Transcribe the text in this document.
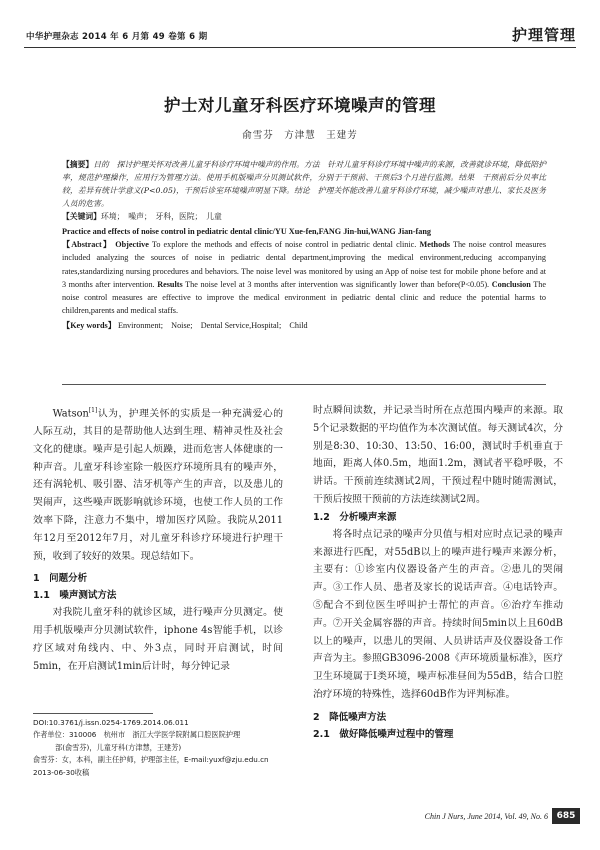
中华护理杂志 2014 年 6 月第 49 卷第 6 期	护理管理
护士对儿童牙科医疗环境噪声的管理
俞雪芬　方津慧　王建芳

【摘要】目的　探讨护理关怀对改善儿童牙科诊疗环境中噪声的作用。方法　针对儿童牙科诊疗环境中噪声的来源，改善就诊环境，降低陪护率，规范护理操作，应用行为管理方法。使用手机版噪声分贝测试软件，分别于干预前、干预后3个月进行监测。结果　干预前后分贝率比较，差异有统计学意义(P<0.05)，干预后诊室环境噪声明显下降。结论　护理关怀能改善儿童牙科诊疗环境，减少噪声对患儿、家长及医务人员的危害。

【关键词】环境；　噪声；　牙科，医院；　儿童

Practice and effects of noise control in pediatric dental clinic/YU Xue-fen,FANG Jin-hui,WANG Jian-fang

【Abstract】 Objective To explore the methods and effects of noise control in pediatric dental clinic. Methods The noise control measures included analyzing the sources of noise in pediatric dental department,improving the medical environment,reducing accompanying rates,standardizing nursing procedures and behaviors. The noise level was monitored by using an App of noise test for mobile phone before and at 3 months after intervention. Results The noise level at 3 months after intervention was significantly lower than before(P<0.05). Conclusion The noise control measures are effective to improve the medical environment in pediatric dental clinic and reduce the potential harms to children,parents and medical staffs.

【Key words】 Environment;　Noise;　Dental Service,Hospital;　Child

Watson[1]认为，护理关怀的实质是一种充满爱心的人际互动，其目的是帮助他人达到生理、精神灵性及社会文化的健康。噪声是引起人烦躁，进而危害人体健康的一种声音。儿童牙科诊室除一般医疗环境所具有的噪声外，还有涡轮机、吸引器、洁牙机等产生的声音，以及患儿的哭闹声，这些噪声既影响就诊环境，也使工作人员的工作效率下降，注意力不集中，增加医疗风险。我院从2011年12月至2012年7月，对儿童牙科诊疗环境进行护理干预，收到了较好的效果。现总结如下。

1　问题分析
1.1　噪声测试方法

对我院儿童牙科的就诊区域，进行噪声分贝测定。使用手机版噪声分贝测试软件，iphone 4s智能手机，以诊疗区域对角线内、中、外3点，同时开启测试，时间5min，在开启测试1min后计时，每分钟记录

DOI:10.3761/j.issn.0254-1769.2014.06.011
作者单位：310006　杭州市　浙江大学医学院附属口腔医院护理
部(俞雪芬)，儿童牙科(方津慧，王建芳)
俞雪芬：女，本科，副主任护师，护理部主任，E-mail:yuxf@zju.edu.cn
2013-06-30收稿

时点瞬间读数，并记录当时所在点范围内噪声的来源。取5个记录数据的平均值作为本次测试值。每天测试4次，分别是8:30、10:30、13:50、16:00，测试时手机垂直于地面，距离人体0.5m，地面1.2m，测试者平稳呼吸，不讲话。干预前连续测试2周，干预过程中随时随需测试，干预后按照干预前的方法连续测试2周。

1.2　分析噪声来源

将各时点记录的噪声分贝值与相对应时点记录的噪声来源进行匹配，对55dB以上的噪声进行噪声来源分析，主要有：①诊室内仪器设备产生的声音。②患儿的哭闹声。③工作人员、患者及家长的说话声音。④电话铃声。⑤配合不到位医生呼叫护士帮忙的声音。⑥治疗车推动声。⑦开关金属容器的声音。持续时间5min以上且60dB以上的噪声，以患儿的哭闹、人员讲话声及仪器设备工作声音为主。参照GB3096-2008《声环境质量标准》，医疗卫生环境属于Ⅰ类环境，噪声标准昼间为55dB，结合口腔治疗环境的特殊性，选择60dB作为评判标准。

2　降低噪声方法
2.1　做好降低噪声过程中的管理
Chin J Nurs, June 2014, Vol. 49, No. 6 685
